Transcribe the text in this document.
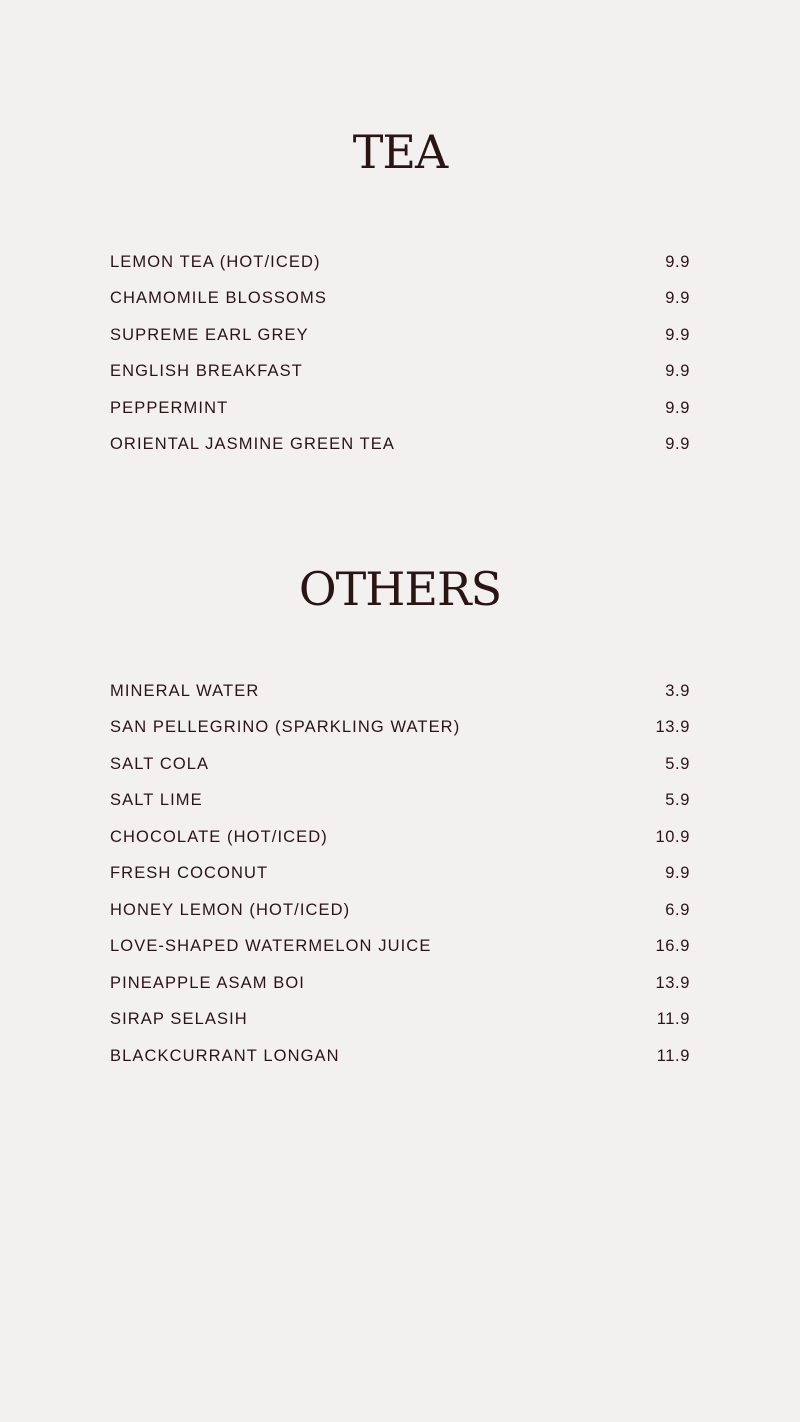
TEA
LEMON TEA (HOT/ICED)	9.9
CHAMOMILE BLOSSOMS	9.9
SUPREME EARL GREY	9.9
ENGLISH BREAKFAST	9.9
PEPPERMINT	9.9
ORIENTAL JASMINE GREEN TEA	9.9
OTHERS
MINERAL WATER	3.9
SAN PELLEGRINO (SPARKLING WATER)	13.9
SALT COLA	5.9
SALT LIME	5.9
CHOCOLATE (HOT/ICED)	10.9
FRESH COCONUT	9.9
HONEY LEMON (HOT/ICED)	6.9
LOVE-SHAPED WATERMELON JUICE	16.9
PINEAPPLE ASAM BOI	13.9
SIRAP SELASIH	11.9
BLACKCURRANT LONGAN	11.9
